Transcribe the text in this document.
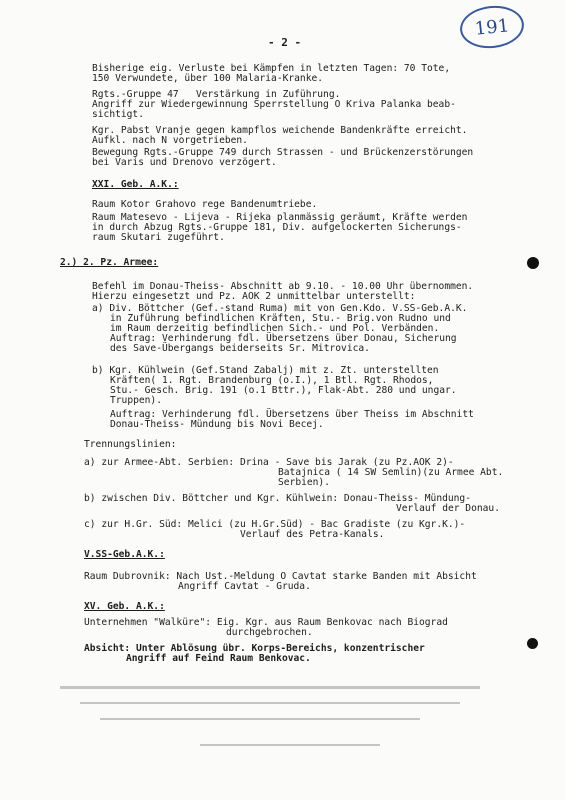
191
- 2 -
Bisherige eig. Verluste bei Kämpfen in letzten Tagen: 70 Tote,
150 Verwundete, über 100 Malaria-Kranke.
Rgts.-Gruppe 47   Verstärkung in Zuführung.
Angriff zur Wiedergewinnung Sperrstellung O Kriva Palanka beab-
sichtigt.
Kgr. Pabst Vranje gegen kampflos weichende Bandenkräfte erreicht.
Aufkl. nach N vorgetrieben.
Bewegung Rgts.-Gruppe 749 durch Strassen - und Brückenzerstörungen
bei Varis und Drenovo verzögert.
XXI. Geb. A.K.:
Raum Kotor Grahovo rege Bandenumtriebe.
Raum Matesevo - Lijeva - Rijeka planmässig geräumt, Kräfte werden
in durch Abzug Rgts.-Gruppe 181, Div. aufgelockerten Sicherungs-
raum Skutari zugeführt.
2.) 2. Pz. Armee:
Befehl im Donau-Theiss- Abschnitt ab 9.10. - 10.00 Uhr übernommen.
Hierzu eingesetzt und Pz. AOK 2 unmittelbar unterstellt:
a) Div. Böttcher (Gef.-stand Ruma) mit von Gen.Kdo. V.SS-Geb.A.K.
in Zuführung befindlichen Kräften, Stu.- Brig.von Rudno und
im Raum derzeitig befindlichen Sich.- und Pol. Verbänden.
Auftrag: Verhinderung fdl. Übersetzens über Donau, Sicherung
des Save-Übergangs beiderseits Sr. Mitrovica.
b) Kgr. Kühlwein (Gef.Stand Zabalj) mit z. Zt. unterstellten
Kräften( 1. Rgt. Brandenburg (o.I.), 1 Btl. Rgt. Rhodos,
Stu.- Gesch. Brig. 191 (o.1 Bttr.), Flak-Abt. 280 und ungar.
Truppen).
Auftrag: Verhinderung fdl. Übersetzens über Theiss im Abschnitt
Donau-Theiss- Mündung bis Novi Becej.
Trennungslinien:
a) zur Armee-Abt. Serbien: Drina - Save bis Jarak (zu Pz.AOK 2)-
Batajnica ( 14 SW Semlin)(zu Armee Abt.
Serbien).
b) zwischen Div. Böttcher und Kgr. Kühlwein: Donau-Theiss- Mündung-
Verlauf der Donau.
c) zur H.Gr. Süd: Melici (zu H.Gr.Süd) - Bac Gradiste (zu Kgr.K.)-
Verlauf des Petra-Kanals.
V.SS-Geb.A.K.:
Raum Dubrovnik: Nach Ust.-Meldung O Cavtat starke Banden mit Absicht
Angriff Cavtat - Gruda.
XV. Geb. A.K.:
Unternehmen "Walküre": Eig. Kgr. aus Raum Benkovac nach Biograd
durchgebrochen.
Absicht: Unter Ablösung übr. Korps-Bereichs, konzentrischer
Angriff auf Feind Raum Benkovac.
